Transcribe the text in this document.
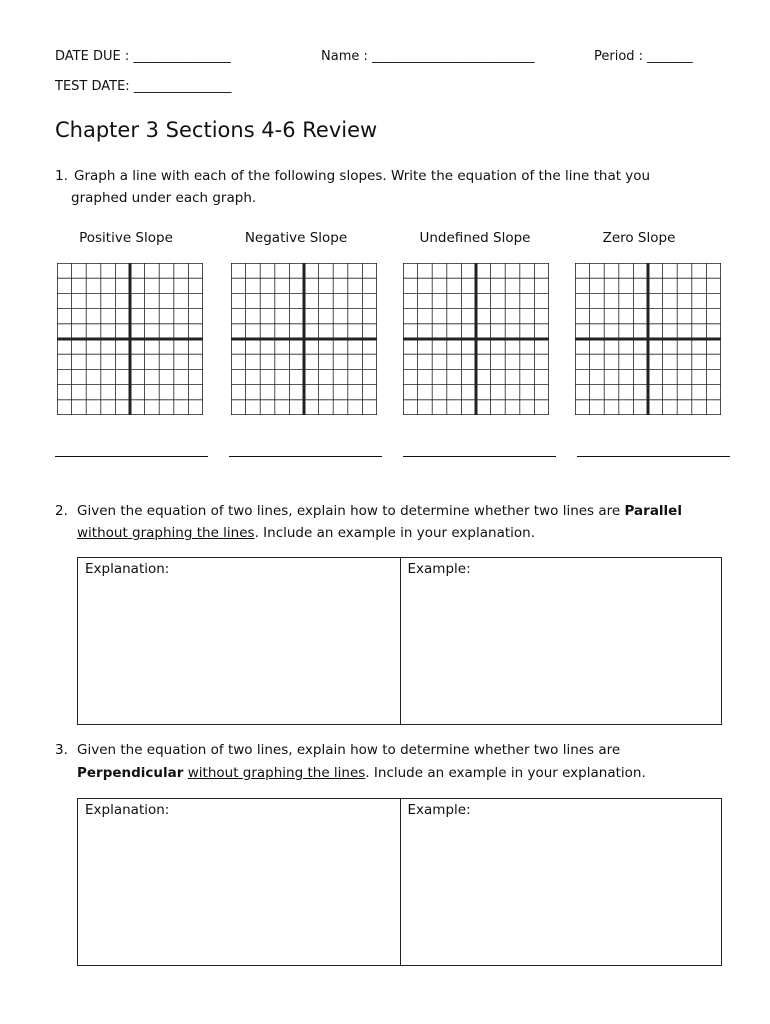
DATE DUE : _______________	Name : _________________________	Period : _______
TEST DATE: _______________
Chapter 3 Sections 4-6 Review
1. Graph a line with each of the following slopes. Write the equation of the line that you
graphed under each graph.
Positive Slope	Negative Slope	Undefined Slope	Zero Slope
2. Given the equation of two lines, explain how to determine whether two lines are Parallel
without graphing the lines. Include an example in your explanation.
Explanation:	Example:
3. Given the equation of two lines, explain how to determine whether two lines are
Perpendicular without graphing the lines. Include an example in your explanation.
Explanation:	Example:
